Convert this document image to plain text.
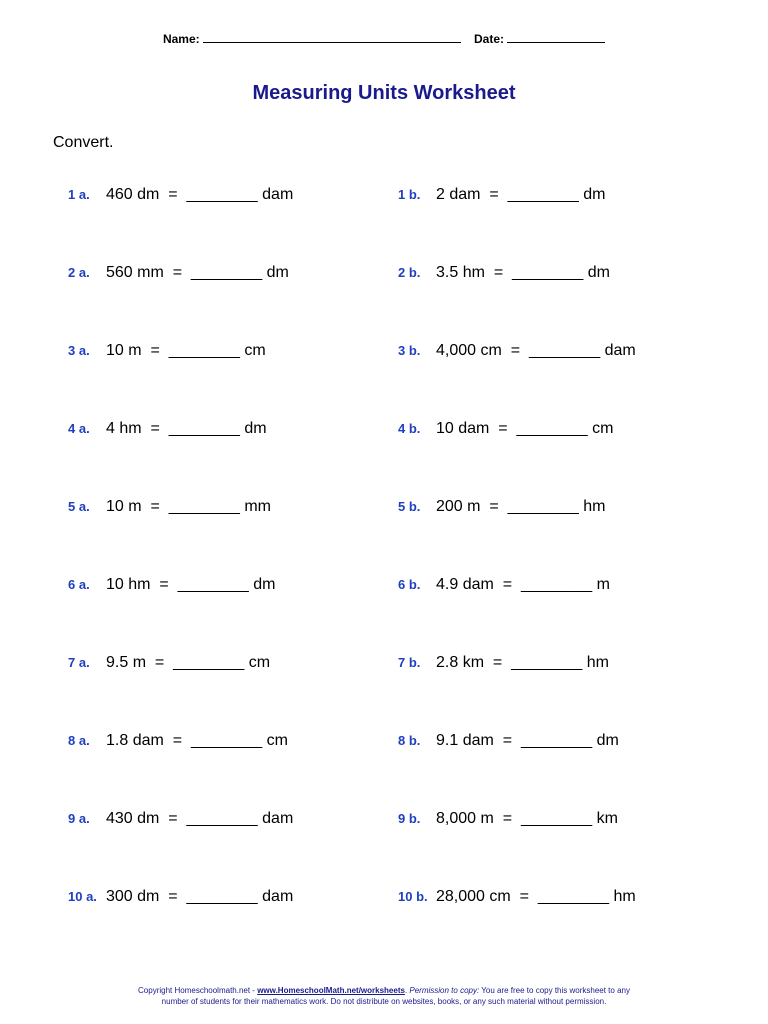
Name:	Date:
Measuring Units Worksheet
Convert.
1 a. 460 dm  =  ________ dam
2 a. 560 mm  =  ________ dm
3 a. 10 m  =  ________ cm
4 a. 4 hm  =  ________ dm
5 a. 10 m  =  ________ mm
6 a. 10 hm  =  ________ dm
7 a. 9.5 m  =  ________ cm
8 a. 1.8 dam  =  ________ cm
9 a. 430 dm  =  ________ dam
10 a. 300 dm  =  ________ dam
1 b. 2 dam  =  ________ dm
2 b. 3.5 hm  =  ________ dm
3 b. 4,000 cm  =  ________ dam
4 b. 10 dam  =  ________ cm
5 b. 200 m  =  ________ hm
6 b. 4.9 dam  =  ________ m
7 b. 2.8 km  =  ________ hm
8 b. 9.1 dam  =  ________ dm
9 b. 8,000 m  =  ________ km
10 b. 28,000 cm  =  ________ hm
Copyright Homeschoolmath.net - www.HomeschoolMath.net/worksheets. Permission to copy: You are free to copy this worksheet to any
number of students for their mathematics work. Do not distribute on websites, books, or any such material without permission.
